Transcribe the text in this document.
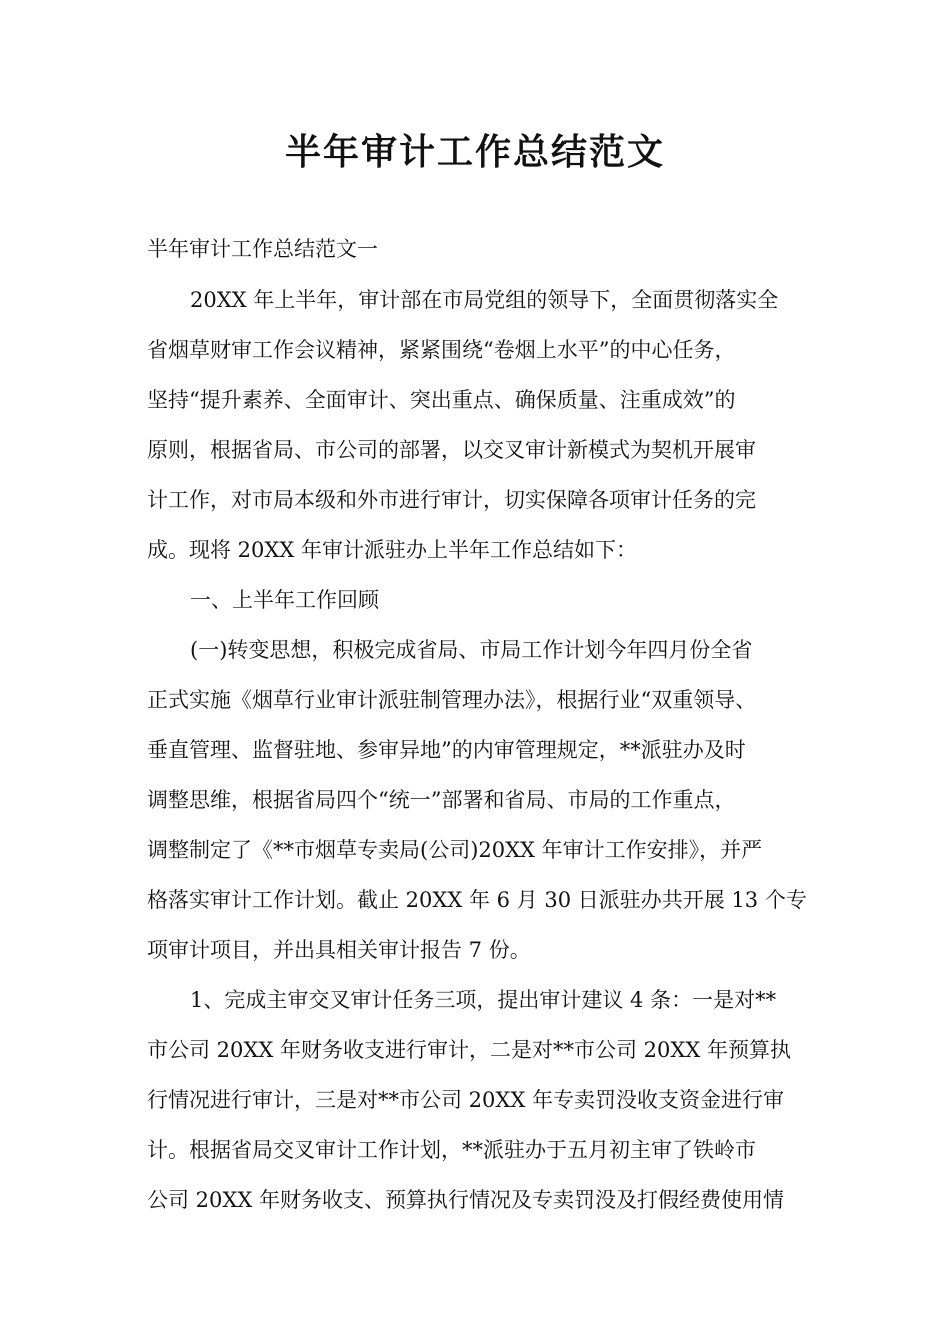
半年审计工作总结范文

半年审计工作总结范文一

20XX 年上半年，审计部在市局党组的领导下，全面贯彻落实全

省烟草财审工作会议精神，紧紧围绕“卷烟上水平”的中心任务，

坚持“提升素养、全面审计、突出重点、确保质量、注重成效”的

原则，根据省局、市公司的部署，以交叉审计新模式为契机开展审

计工作，对市局本级和外市进行审计，切实保障各项审计任务的完

成。现将 20XX 年审计派驻办上半年工作总结如下：

一、上半年工作回顾

(一)转变思想，积极完成省局、市局工作计划今年四月份全省

正式实施《烟草行业审计派驻制管理办法》，根据行业“双重领导、

垂直管理、监督驻地、参审异地”的内审管理规定，**派驻办及时

调整思维，根据省局四个“统一”部署和省局、市局的工作重点，

调整制定了《**市烟草专卖局(公司)20XX 年审计工作安排》，并严

格落实审计工作计划。截止 20XX 年 6 月 30 日派驻办共开展 13 个专

项审计项目，并出具相关审计报告 7 份。

1、完成主审交叉审计任务三项，提出审计建议 4 条：一是对**

市公司 20XX 年财务收支进行审计，二是对**市公司 20XX 年预算执

行情况进行审计，三是对**市公司 20XX 年专卖罚没收支资金进行审

计。根据省局交叉审计工作计划，**派驻办于五月初主审了铁岭市

公司 20XX 年财务收支、预算执行情况及专卖罚没及打假经费使用情
